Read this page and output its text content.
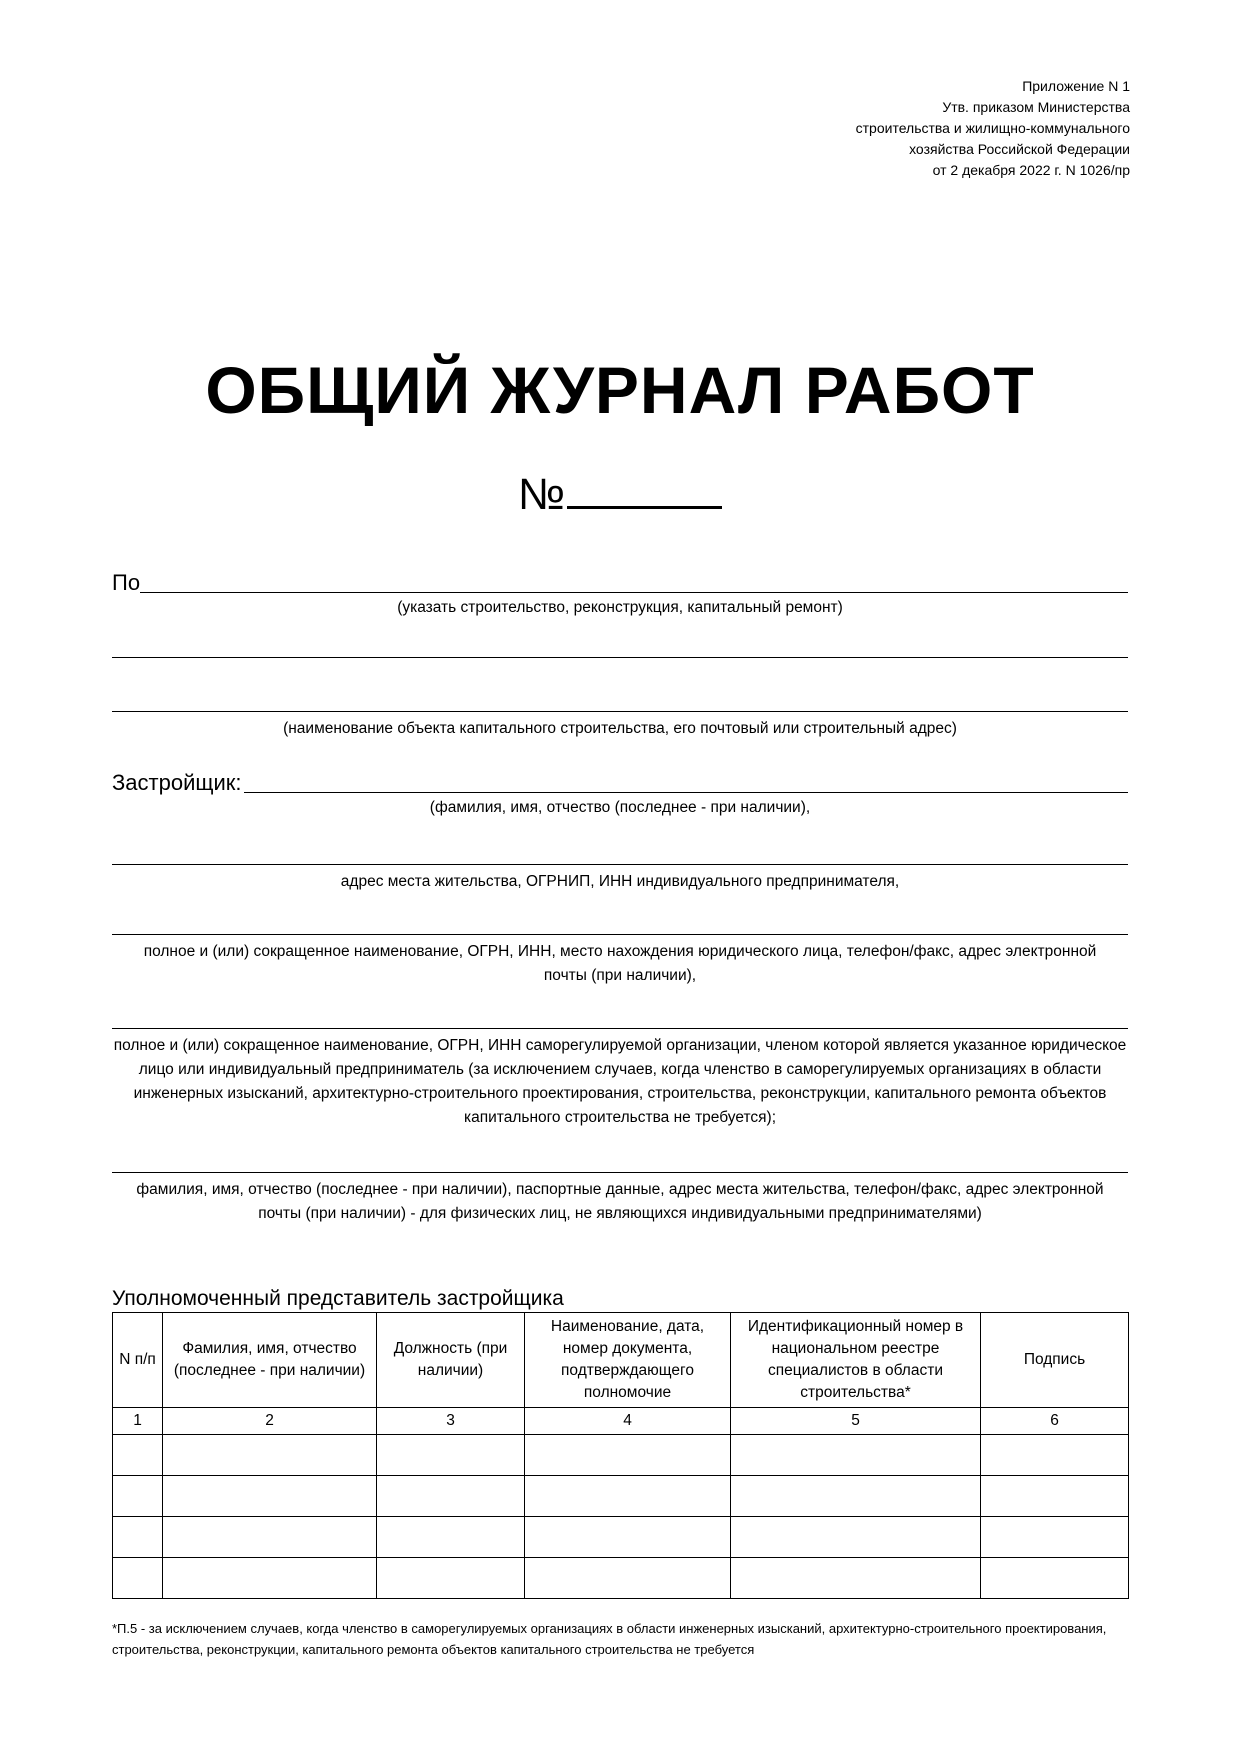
Приложение N 1
Утв. приказом Министерства
строительства и жилищно-коммунального
хозяйства Российской Федерации
от 2 декабря 2022 г. N 1026/пр
ОБЩИЙ ЖУРНАЛ РАБОТ
№
По
(указать строительство, реконструкция, капитальный ремонт)
(наименование объекта капитального строительства, его почтовый или строительный адрес)
Застройщик:
(фамилия, имя, отчество (последнее - при наличии),
адрес места жительства, ОГРНИП, ИНН индивидуального предпринимателя,
полное и (или) сокращенное наименование, ОГРН, ИНН, место нахождения юридического лица, телефон/факс, адрес электронной почты (при наличии),
полное и (или) сокращенное наименование, ОГРН, ИНН саморегулируемой организации, членом которой является указанное юридическое лицо или индивидуальный предприниматель (за исключением случаев, когда членство в саморегулируемых организациях в области инженерных изысканий, архитектурно-строительного проектирования, строительства, реконструкции, капитального ремонта объектов капитального строительства не требуется);
фамилия, имя, отчество (последнее - при наличии), паспортные данные, адрес места жительства, телефон/факс, адрес электронной почты (при наличии) - для физических лиц, не являющихся индивидуальными предпринимателями)
Уполномоченный представитель застройщика
N п/п	Фамилия, имя, отчество (последнее - при наличии)	Должность (при наличии)	Наименование, дата, номер документа, подтверждающего полномочие	Идентификационный номер в национальном реестре специалистов в области строительства*	Подпись
1	2	3	4	5	6

*П.5 - за исключением случаев, когда членство в саморегулируемых организациях в области инженерных изысканий, архитектурно-строительного проектирования, строительства, реконструкции, капитального ремонта объектов капитального строительства не требуется
